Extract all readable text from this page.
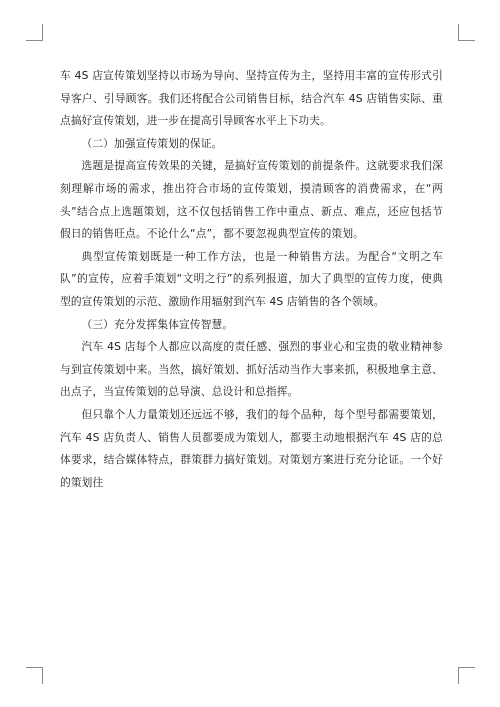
车 4S 店宣传策划坚持以市场为导向、坚持宣传为主，坚持用丰富的宣传形式引导客户、引导顾客。我们还将配合公司销售目标，结合汽车 4S 店销售实际、重点搞好宣传策划，进一步在提高引导顾客水平上下功夫。

（二）加强宣传策划的保证。

选题是提高宣传效果的关键，是搞好宣传策划的前提条件。这就要求我们深刻理解市场的需求，推出符合市场的宣传策划，摸清顾客的消费需求，在“两头”结合点上选题策划，这不仅包括销售工作中重点、新点、难点，还应包括节假日的销售旺点。不论什么“点”，都不要忽视典型宣传的策划。

典型宣传策划既是一种工作方法，也是一种销售方法。为配合“文明之车队”的宣传，应着手策划“文明之行”的系列报道，加大了典型的宣传力度，使典型的宣传策划的示范、激励作用辐射到汽车 4S 店销售的各个领域。

（三）充分发挥集体宣传智慧。

汽车 4S 店每个人都应以高度的责任感、强烈的事业心和宝贵的敬业精神参与到宣传策划中来。当然，搞好策划、抓好活动当作大事来抓，积极地拿主意、出点子，当宣传策划的总导演、总设计和总指挥。

但只靠个人力量策划还远远不够，我们的每个品种，每个型号都需要策划，汽车 4S 店负责人、销售人员都要成为策划人，都要主动地根据汽车 4S 店的总体要求，结合媒体特点，群策群力搞好策划。对策划方案进行充分论证。一个好的策划往
